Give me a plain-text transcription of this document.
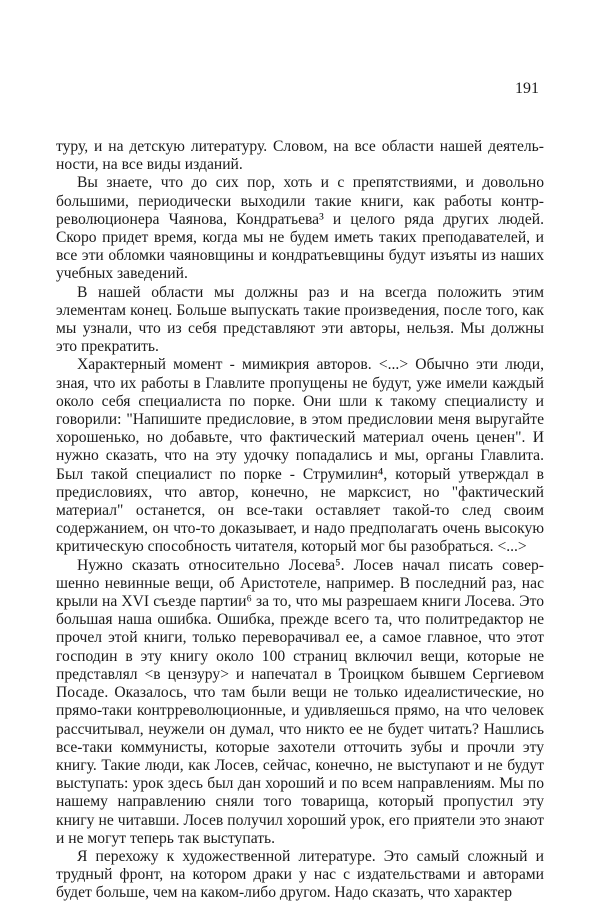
191

туру, и на детскую литературу. Словом, на все области нашей деятельности, на все виды изданий.

Вы знаете, что до сих пор, хоть и с препятствиями, и довольно большими, периодически выходили такие книги, как работы контрреволюционера Чаянова, Кондратьева³ и целого ряда других людей. Скоро придет время, когда мы не будем иметь таких преподавателей, и все эти обломки чаяновщины и кондратьевщины будут изъяты из наших учебных заведений.

В нашей области мы должны раз и на всегда положить этим элементам конец. Больше выпускать такие произведения, после того, как мы узнали, что из себя представляют эти авторы, нельзя. Мы должны это прекратить.

Характерный момент - мимикрия авторов. <...> Обычно эти люди, зная, что их работы в Главлите пропущены не будут, уже имели каждый около себя специалиста по порке. Они шли к такому специалисту и говорили: "Напишите предисловие, в этом предисловии меня выругайте хорошенько, но добавьте, что фактический материал очень ценен". И нужно сказать, что на эту удочку попадались и мы, органы Главлита. Был такой специалист по порке - Струмилин⁴, который утверждал в предисловиях, что автор, конечно, не марксист, но "фактический материал" останется, он все-таки оставляет такой-то след своим содержанием, он что-то доказывает, и надо предполагать очень высокую критическую способность читателя, который мог бы разобраться. <...>

Нужно сказать относительно Лосева⁵. Лосев начал писать совершенно невинные вещи, об Аристотеле, например. В последний раз, нас крыли на XVI съезде партии⁶ за то, что мы разрешаем книги Лосева. Это большая наша ошибка. Ошибка, прежде всего та, что политредактор не прочел этой книги, только переворачивал ее, а самое главное, что этот господин в эту книгу около 100 страниц включил вещи, которые не представлял <в цензуру> и напечатал в Троицком бывшем Сергиевом Посаде. Оказалось, что там были вещи не только идеалистические, но прямо-таки контрреволюционные, и удивляешься прямо, на что человек рассчитывал, неужели он думал, что никто ее не будет читать? Нашлись все-таки коммунисты, которые захотели отточить зубы и прочли эту книгу. Такие люди, как Лосев, сейчас, конечно, не выступают и не будут выступать: урок здесь был дан хороший и по всем направлениям. Мы по нашему направлению сняли того товарища, который пропустил эту книгу не читавши. Лосев получил хороший урок, его приятели это знают и не могут теперь так выступать.

Я перехожу к художественной литературе. Это самый сложный и трудный фронт, на котором драки у нас с издательствами и авторами будет больше, чем на каком-либо другом. Надо сказать, что характер
